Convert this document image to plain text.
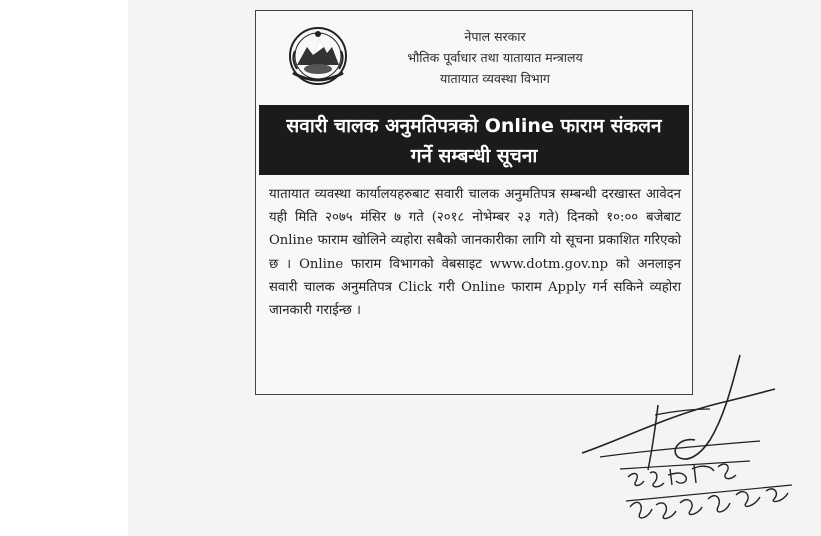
नेपाल सरकार
भौतिक पूर्वाधार तथा यातायात मन्त्रालय
यातायात व्यवस्था विभाग
सवारी चालक अनुमतिपत्रको Online फाराम संकलन
गर्ने सम्बन्धी सूचना
यातायात व्यवस्था कार्यालयहरुबाट सवारी चालक अनुमतिपत्र सम्बन्धी दरखास्त आवेदन यही मिति २०७५ मंसिर ७ गते (२०१८ नोभेम्बर २३ गते) दिनको १०:०० बजेबाट Online फाराम खोलिने व्यहोरा सबैको जानकारीका लागि यो सूचना प्रकाशित गरिएको छ । Online फाराम विभागको वेबसाइट www.dotm.gov.np को अनलाइन सवारी चालक अनुमतिपत्र Click गरी Online फाराम Apply गर्न सकिने व्यहोरा जानकारी गराईन्छ ।
